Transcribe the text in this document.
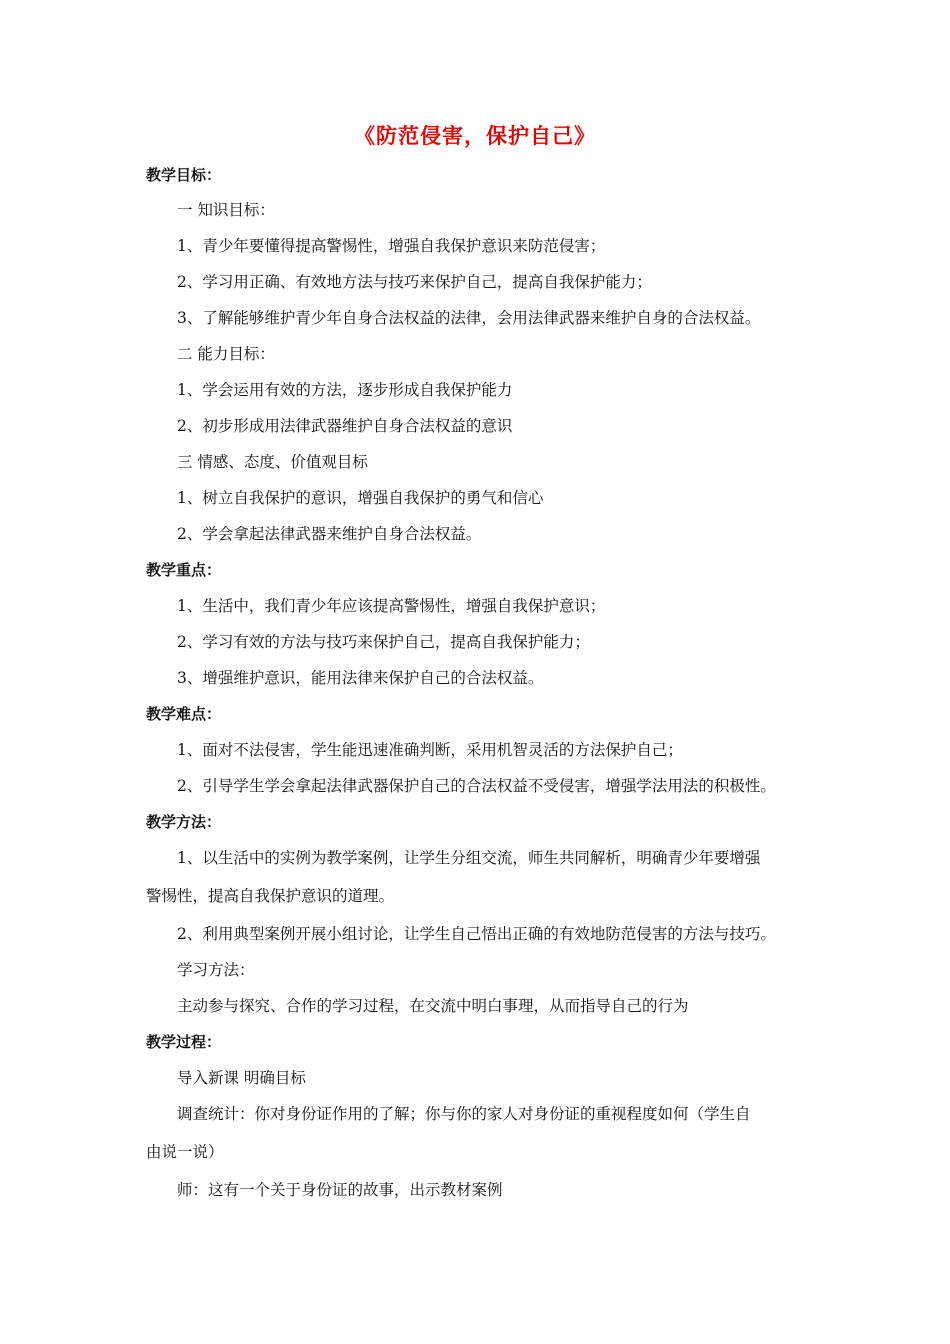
《防范侵害，保护自己》
教学目标：
一 知识目标：
1、青少年要懂得提高警惕性，增强自我保护意识来防范侵害；
2、学习用正确、有效地方法与技巧来保护自己，提高自我保护能力；
3、了解能够维护青少年自身合法权益的法律，会用法律武器来维护自身的合法权益。
二 能力目标：
1、学会运用有效的方法，逐步形成自我保护能力
2、初步形成用法律武器维护自身合法权益的意识
三 情感、态度、价值观目标
1、树立自我保护的意识，增强自我保护的勇气和信心
2、学会拿起法律武器来维护自身合法权益。
教学重点：
1、生活中，我们青少年应该提高警惕性，增强自我保护意识；
2、学习有效的方法与技巧来保护自己，提高自我保护能力；
3、增强维护意识，能用法律来保护自己的合法权益。
教学难点：
1、面对不法侵害，学生能迅速准确判断，采用机智灵活的方法保护自己；
2、引导学生学会拿起法律武器保护自己的合法权益不受侵害，增强学法用法的积极性。
教学方法：
1、以生活中的实例为教学案例，让学生分组交流，师生共同解析，明确青少年要增强
警惕性，提高自我保护意识的道理。
2、利用典型案例开展小组讨论，让学生自己悟出正确的有效地防范侵害的方法与技巧。
学习方法：
主动参与探究、合作的学习过程，在交流中明白事理，从而指导自己的行为
教学过程：
导入新课 明确目标
调查统计：你对身份证作用的了解；你与你的家人对身份证的重视程度如何（学生自
由说一说）
师：这有一个关于身份证的故事，出示教材案例
